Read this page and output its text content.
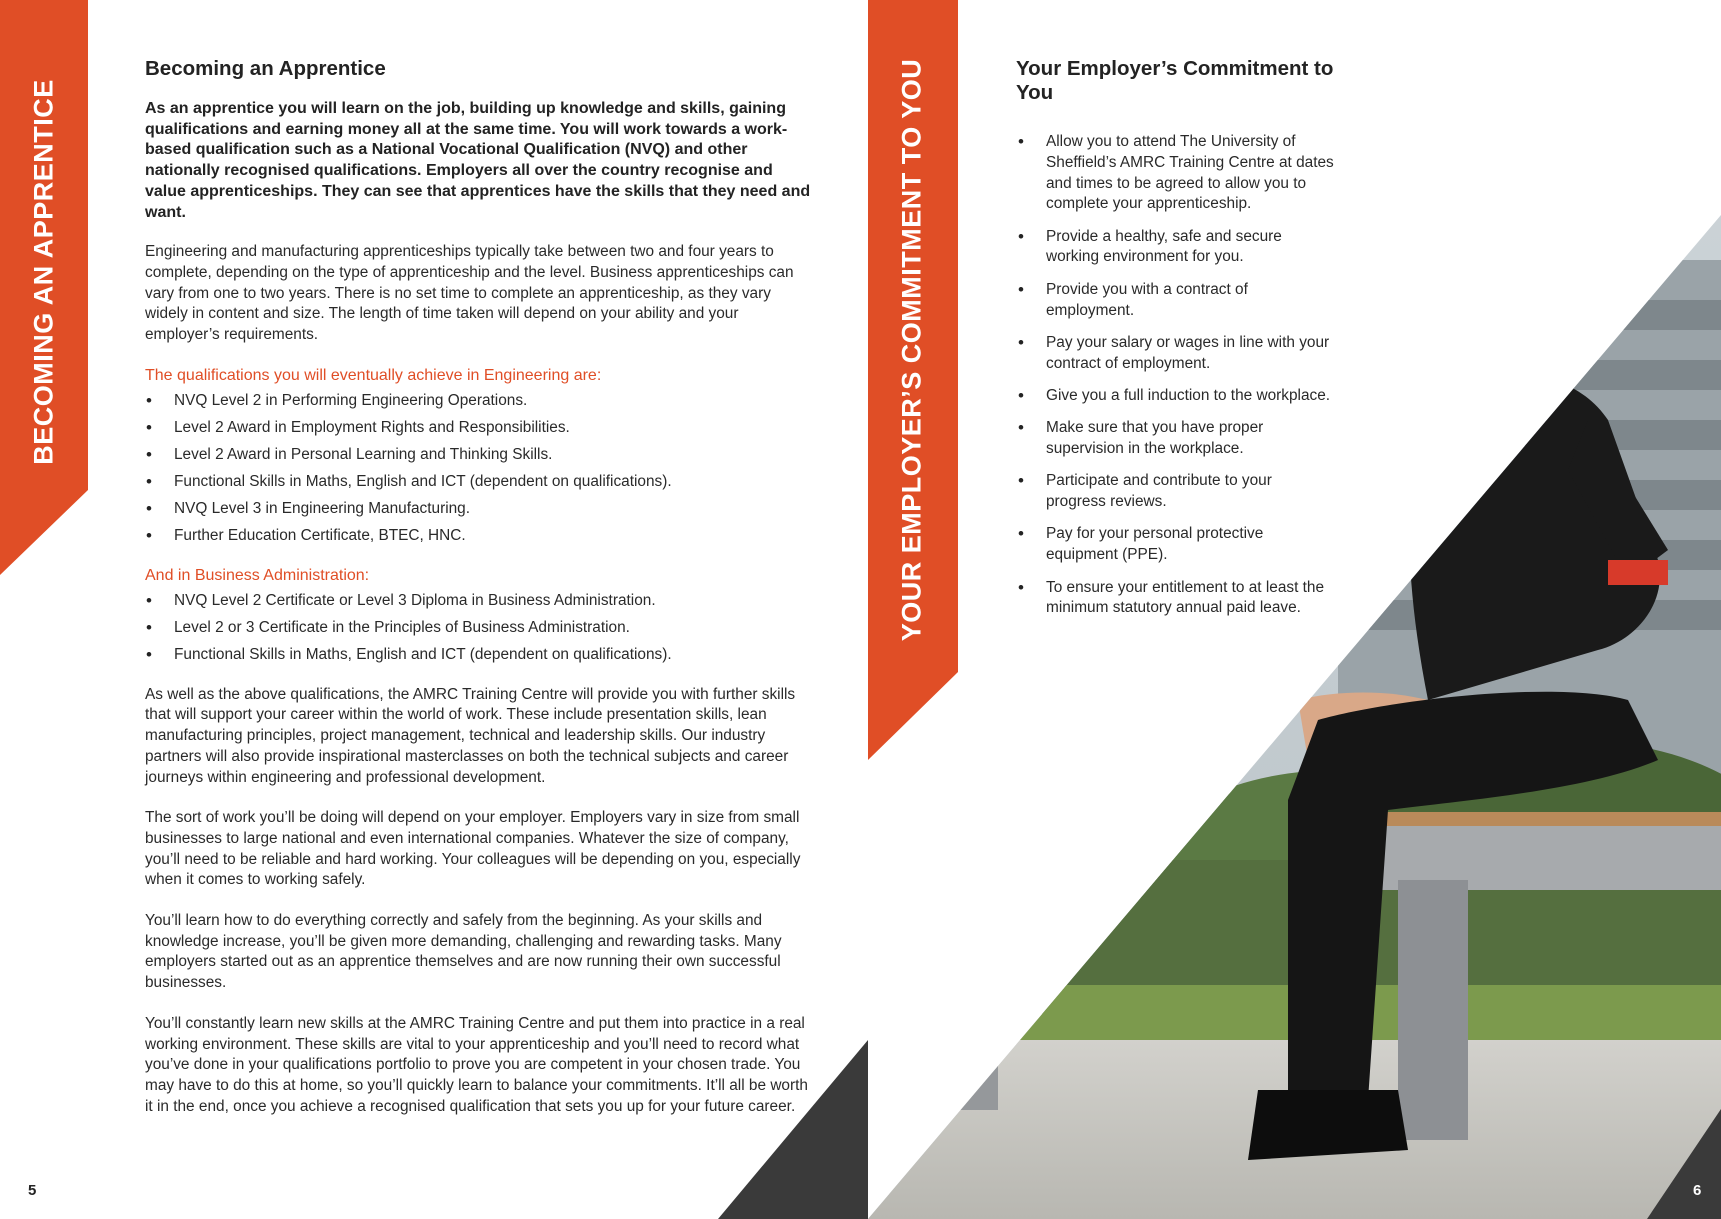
BECOMING AN APPRENTICE
Becoming an Apprentice

As an apprentice you will learn on the job, building up knowledge and skills, gaining qualifications and earning money all at the same time. You will work towards a work-based qualification such as a National Vocational Qualification (NVQ) and other nationally recognised qualifications. Employers all over the country recognise and value apprenticeships. They can see that apprentices have the skills that they need and want.

Engineering and manufacturing apprenticeships typically take between two and four years to complete, depending on the type of apprenticeship and the level. Business apprenticeships can vary from one to two years. There is no set time to complete an apprenticeship, as they vary widely in content and size. The length of time taken will depend on your ability and your employer’s requirements.

The qualifications you will eventually achieve in Engineering are:
• NVQ Level 2 in Performing Engineering Operations.
• Level 2 Award in Employment Rights and Responsibilities.
• Level 2 Award in Personal Learning and Thinking Skills.
• Functional Skills in Maths, English and ICT (dependent on qualifications).
• NVQ Level 3 in Engineering Manufacturing.
• Further Education Certificate, BTEC, HNC.
And in Business Administration:
• NVQ Level 2 Certificate or Level 3 Diploma in Business Administration.
• Level 2 or 3 Certificate in the Principles of Business Administration.
• Functional Skills in Maths, English and ICT (dependent on qualifications).

As well as the above qualifications, the AMRC Training Centre will provide you with further skills that will support your career within the world of work. These include presentation skills, lean manufacturing principles, project management, technical and leadership skills. Our industry partners will also provide inspirational masterclasses on both the technical subjects and career journeys within engineering and professional development.

The sort of work you’ll be doing will depend on your employer. Employers vary in size from small businesses to large national and even international companies. Whatever the size of company, you’ll need to be reliable and hard working. Your colleagues will be depending on you, especially when it comes to working safely.

You’ll learn how to do everything correctly and safely from the beginning. As your skills and knowledge increase, you’ll be given more demanding, challenging and rewarding tasks. Many employers started out as an apprentice themselves and are now running their own successful businesses.

You’ll constantly learn new skills at the AMRC Training Centre and put them into practice in a real working environment. These skills are vital to your apprenticeship and you’ll need to record what you’ve done in your qualifications portfolio to prove you are competent in your chosen trade. You may have to do this at home, so you’ll quickly learn to balance your commitments. It’ll all be worth it in the end, once you achieve a recognised qualification that sets you up for your future career.

5
YOUR EMPLOYER’S COMMITMENT TO YOU	Your Employer’s Commitment to You
• Allow you to attend The University of Sheffield’s AMRC Training Centre at dates and times to be agreed to allow you to complete your apprenticeship.
• Provide a healthy, safe and secure working environment for you.
• Provide you with a contract of employment.
• Pay your salary or wages in line with your contract of employment.
• Give you a full induction to the workplace.
• Make sure that you have proper supervision in the workplace.
• Participate and contribute to your progress reviews.
• Pay for your personal protective equipment (PPE).
• To ensure your entitlement to at least the minimum statutory annual paid leave.
6
